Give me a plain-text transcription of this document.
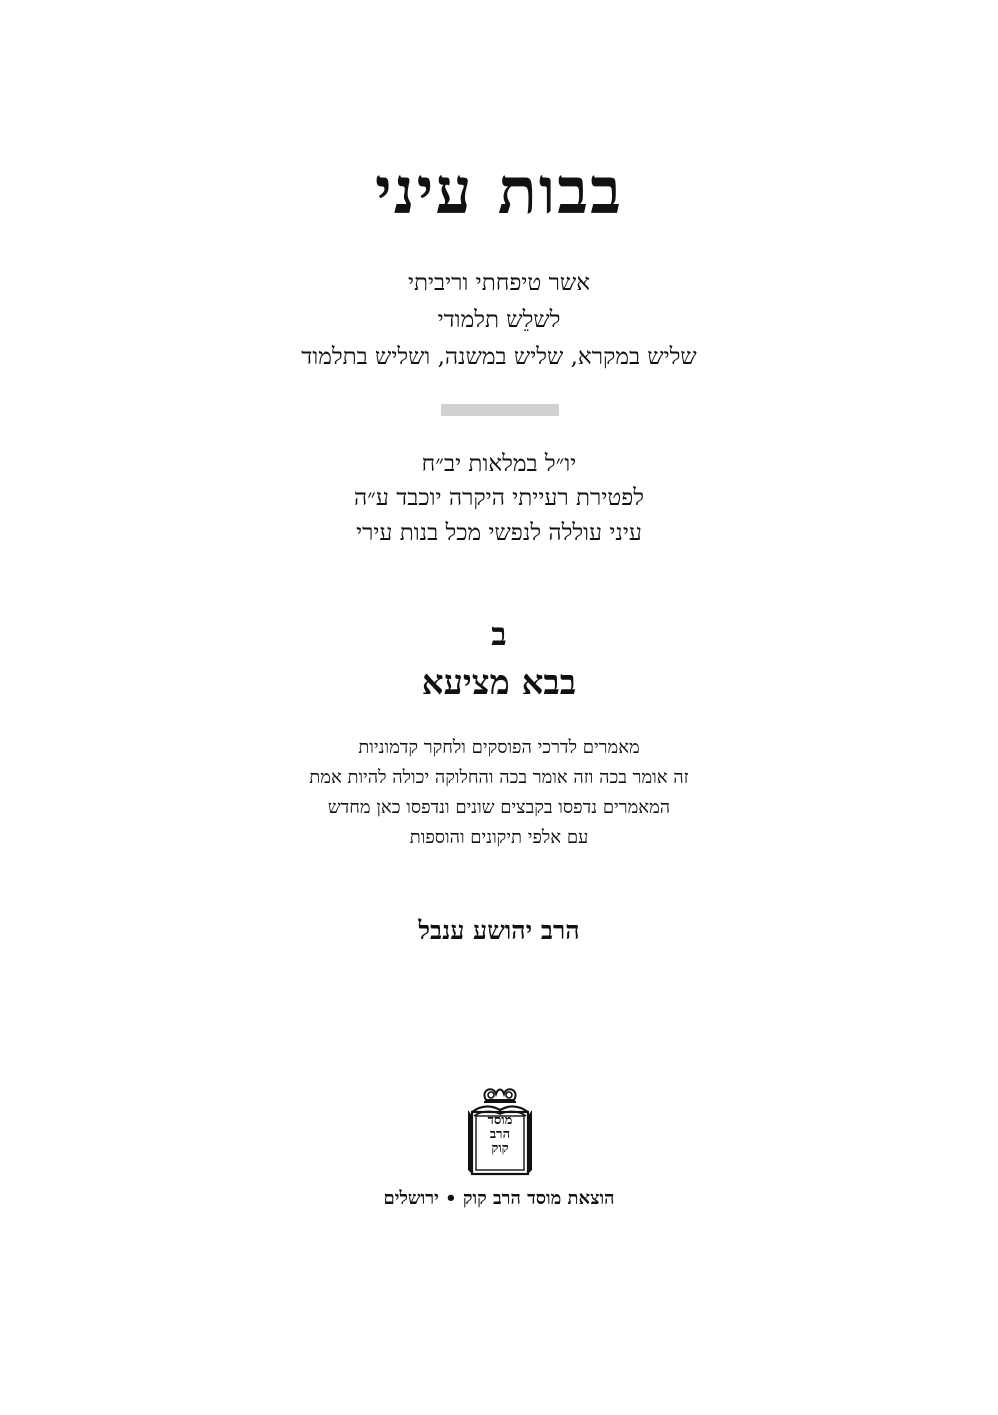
בבות עיני
אשר טיפחתי וריביתי
לשלֵש תלמודי
שליש במקרא, שליש במשנה, ושליש בתלמוד
יו״ל במלאות יב״ח
לפטירת רעייתי היקרה יוכבד ע״ה
עיני עוללה לנפשי מכל בנות עירי
ב
בבא מציעא
מאמרים לדרכי הפוסקים ולחקר קדמוניות
זה אומר בכה וזה אומר בכה והחלוקה יכולה להיות אמת
המאמרים נדפסו בקבצים שונים ונדפסו כאן מחדש
עם אלפי תיקונים והוספות
הרב יהושע ענבל
מוסד
הרב
קוק
הוצאת מוסד הרב קוק • ירושלים
